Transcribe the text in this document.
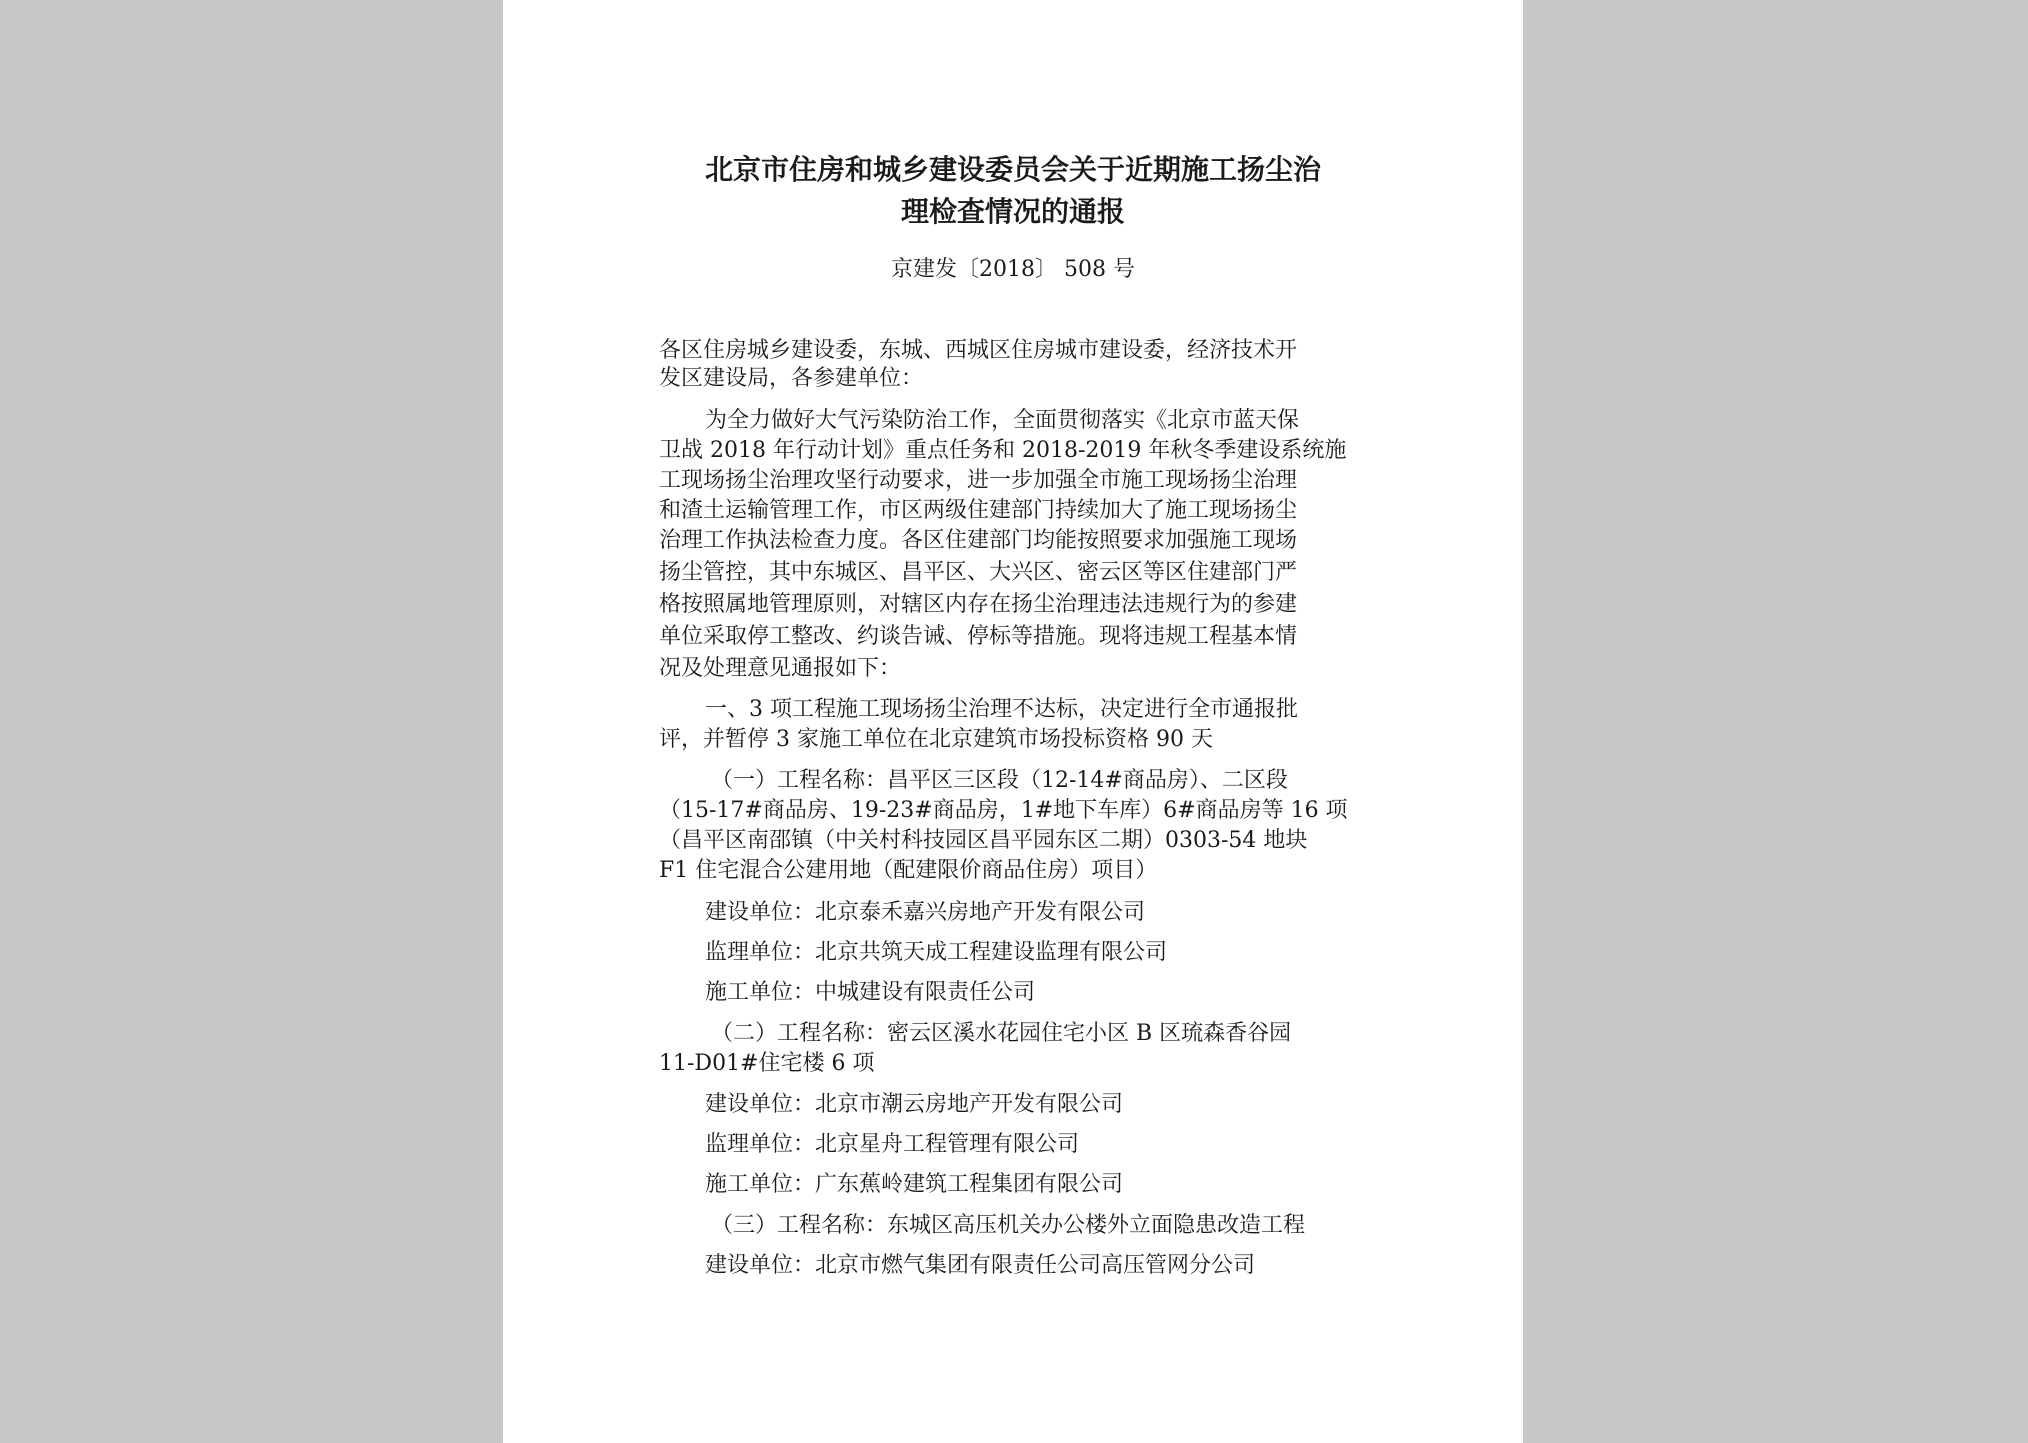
北京市住房和城乡建设委员会关于近期施工扬尘治
理检查情况的通报
京建发〔2018〕 508 号
各区住房城乡建设委，东城、西城区住房城市建设委，经济技术开
发区建设局，各参建单位：
为全力做好大气污染防治工作，全面贯彻落实《北京市蓝天保
卫战 2018 年行动计划》重点任务和 2018-2019 年秋冬季建设系统施
工现场扬尘治理攻坚行动要求，进一步加强全市施工现场扬尘治理
和渣土运输管理工作，市区两级住建部门持续加大了施工现场扬尘
治理工作执法检查力度。各区住建部门均能按照要求加强施工现场
扬尘管控，其中东城区、昌平区、大兴区、密云区等区住建部门严
格按照属地管理原则，对辖区内存在扬尘治理违法违规行为的参建
单位采取停工整改、约谈告诫、停标等措施。现将违规工程基本情
况及处理意见通报如下：
一、3 项工程施工现场扬尘治理不达标，决定进行全市通报批
评，并暂停 3 家施工单位在北京建筑市场投标资格 90 天
（一）工程名称：昌平区三区段（12-14#商品房）、二区段
（15-17#商品房、19-23#商品房，1#地下车库）6#商品房等 16 项
（昌平区南邵镇（中关村科技园区昌平园东区二期）0303-54 地块
F1 住宅混合公建用地（配建限价商品住房）项目）
建设单位：北京泰禾嘉兴房地产开发有限公司
监理单位：北京共筑天成工程建设监理有限公司
施工单位：中城建设有限责任公司
（二）工程名称：密云区溪水花园住宅小区 B 区琉森香谷园
11-D01#住宅楼 6 项
建设单位：北京市潮云房地产开发有限公司
监理单位：北京星舟工程管理有限公司
施工单位：广东蕉岭建筑工程集团有限公司
（三）工程名称：东城区高压机关办公楼外立面隐患改造工程
建设单位：北京市燃气集团有限责任公司高压管网分公司
